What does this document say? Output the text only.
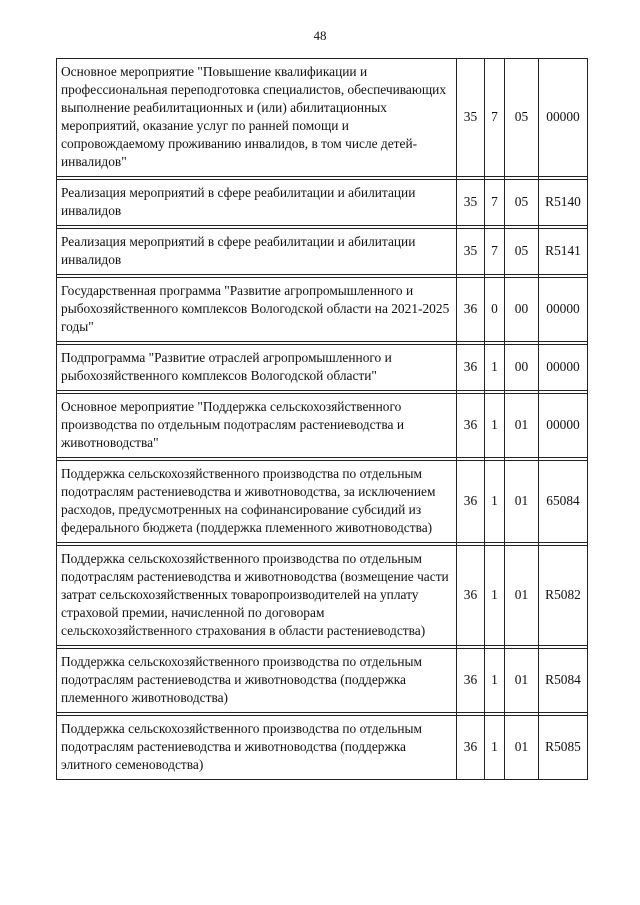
48
Основное мероприятие "Повышение квалификации и профессиональная переподготовка специалистов, обеспечивающих выполнение реабилитационных и (или) абилитационных мероприятий, оказание услуг по ранней помощи и сопровождаемому проживанию инвалидов, в том числе детей-инвалидов"	35	7	05	00000

Реализация мероприятий в сфере реабилитации и абилитации инвалидов	35	7	05	R5140

Реализация мероприятий в сфере реабилитации и абилитации инвалидов	35	7	05	R5141

Государственная программа "Развитие агропромышленного и рыбохозяйственного комплексов Вологодской области на 2021-2025 годы"	36	0	00	00000

Подпрограмма "Развитие отраслей агропромышленного и рыбохозяйственного комплексов Вологодской области"	36	1	00	00000

Основное мероприятие "Поддержка сельскохозяйственного производства по отдельным подотраслям растениеводства и животноводства"	36	1	01	00000

Поддержка сельскохозяйственного производства по отдельным подотраслям растениеводства и животноводства, за исключением расходов, предусмотренных на софинансирование субсидий из федерального бюджета (поддержка племенного животноводства)	36	1	01	65084

Поддержка сельскохозяйственного производства по отдельным подотраслям растениеводства и животноводства (возмещение части затрат сельскохозяйственных товаропроизводителей на уплату страховой премии, начисленной по договорам сельскохозяйственного страхования в области растениеводства)	36	1	01	R5082

Поддержка сельскохозяйственного производства по отдельным подотраслям растениеводства и животноводства (поддержка племенного животноводства)	36	1	01	R5084

Поддержка сельскохозяйственного производства по отдельным подотраслям растениеводства и животноводства (поддержка элитного семеноводства)	36	1	01	R5085
